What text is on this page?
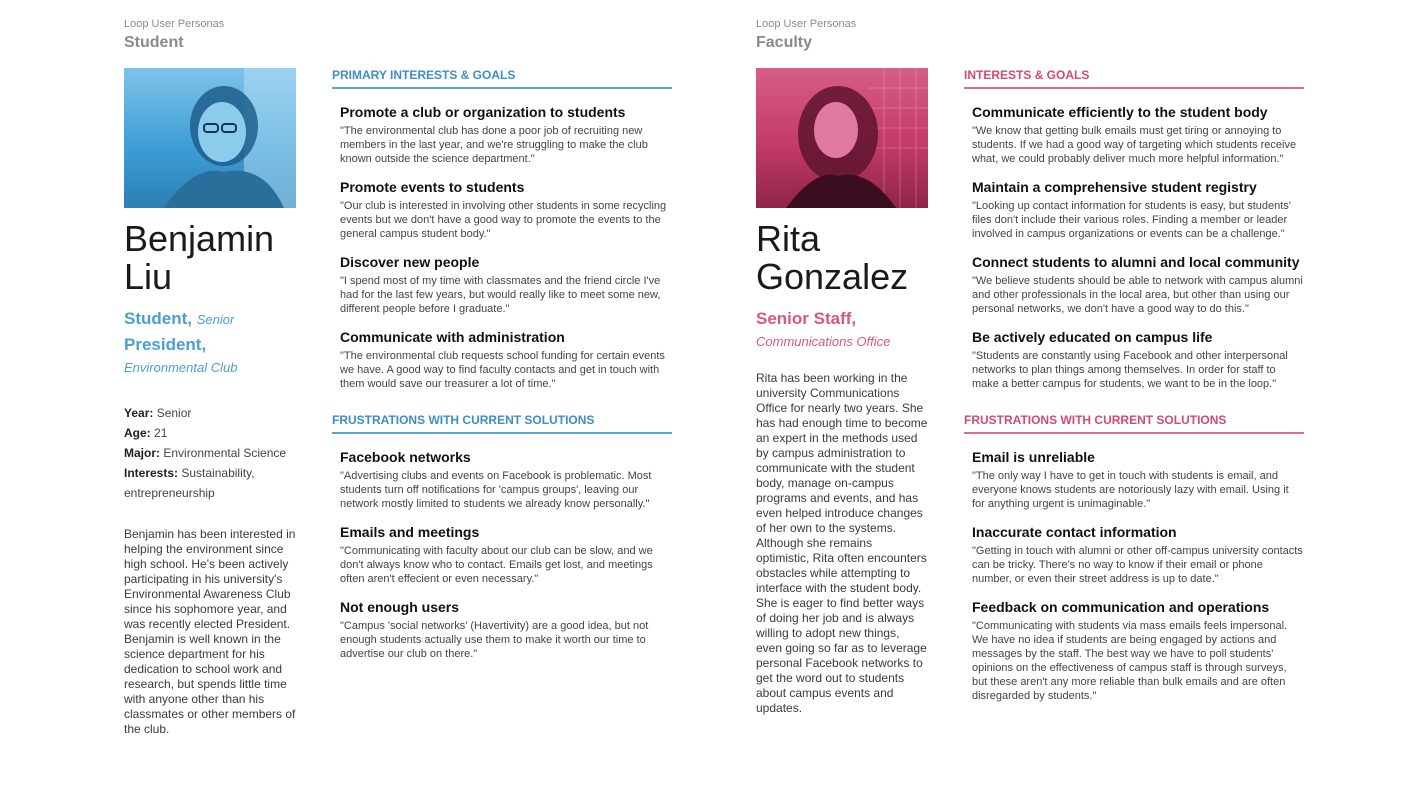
Loop User Personas
Student
Benjamin
Liu
Student, Senior
President,
Environmental Club
Year: Senior
Age: 21
Major: Environmental Science
Interests: Sustainability, entrepreneurship
Benjamin has been interested in helping the environment since high school. He's been actively participating in his university's Environmental Awareness Club since his sophomore year, and was recently elected President. Benjamin is well known in the science department for his dedication to school work and research, but spends little time with anyone other than his classmates or other members of the club.
PRIMARY INTERESTS & GOALS
Promote a club or organization to students
"The environmental club has done a poor job of recruiting new members in the last year, and we're struggling to make the club known outside the science department."
Promote events to students
"Our club is interested in involving other students in some recycling events but we don't have a good way to promote the events to the general campus student body."
Discover new people
"I spend most of my time with classmates and the friend circle I've had for the last few years, but would really like to meet some new, different people before I graduate."
Communicate with administration
"The environmental club requests school funding for certain events we have. A good way to find faculty contacts and get in touch with them would save our treasurer a lot of time."
FRUSTRATIONS WITH CURRENT SOLUTIONS
Facebook networks
"Advertising clubs and events on Facebook is problematic. Most students turn off notifications for 'campus groups', leaving our network mostly limited to students we already know personally."
Emails and meetings
"Communicating with faculty about our club can be slow, and we don't always know who to contact. Emails get lost, and meetings often aren't effecient or even necessary."
Not enough users
"Campus 'social networks' (Havertivity) are a good idea, but not enough students actually use them to make it worth our time to advertise our club on there."
Loop User Personas
Faculty
Rita
Gonzalez
Senior Staff,
Communications Office
Rita has been working in the university Communications Office for nearly two years. She has had enough time to become an expert in the methods used by campus administration to communicate with the student body, manage on-campus programs and events, and has even helped introduce changes of her own to the systems. Although she remains optimistic, Rita often encounters obstacles while attempting to interface with the student body. She is eager to find better ways of doing her job and is always willing to adopt new things, even going so far as to leverage personal Facebook networks to get the word out to students about campus events and updates.
INTERESTS & GOALS
Communicate efficiently to the student body
"We know that getting bulk emails must get tiring or annoying to students. If we had a good way of targeting which students receive what, we could probably deliver much more helpful information."
Maintain a comprehensive student registry
"Looking up contact information for students is easy, but students' files don't include their various roles. Finding a member or leader involved in campus organizations or events can be a challenge."
Connect students to alumni and local community
"We believe students should be able to network with campus alumni and other professionals in the local area, but other than using our personal networks, we don't have a good way to do this."
Be actively educated on campus life
"Students are constantly using Facebook and other interpersonal networks to plan things among themselves. In order for staff to make a better campus for students, we want to be in the loop."
FRUSTRATIONS WITH CURRENT SOLUTIONS
Email is unreliable
"The only way I have to get in touch with students is email, and everyone knows students are notoriously lazy with email. Using it for anything urgent is unimaginable."
Inaccurate contact information
"Getting in touch with alumni or other off-campus university contacts can be tricky. There's no way to know if their email or phone number, or even their street address is up to date."
Feedback on communication and operations
"Communicating with students via mass emails feels impersonal. We have no idea if students are being engaged by actions and messages by the staff. The best way we have to poll students' opinions on the effectiveness of campus staff is through surveys, but these aren't any more reliable than bulk emails and are often disregarded by students."
